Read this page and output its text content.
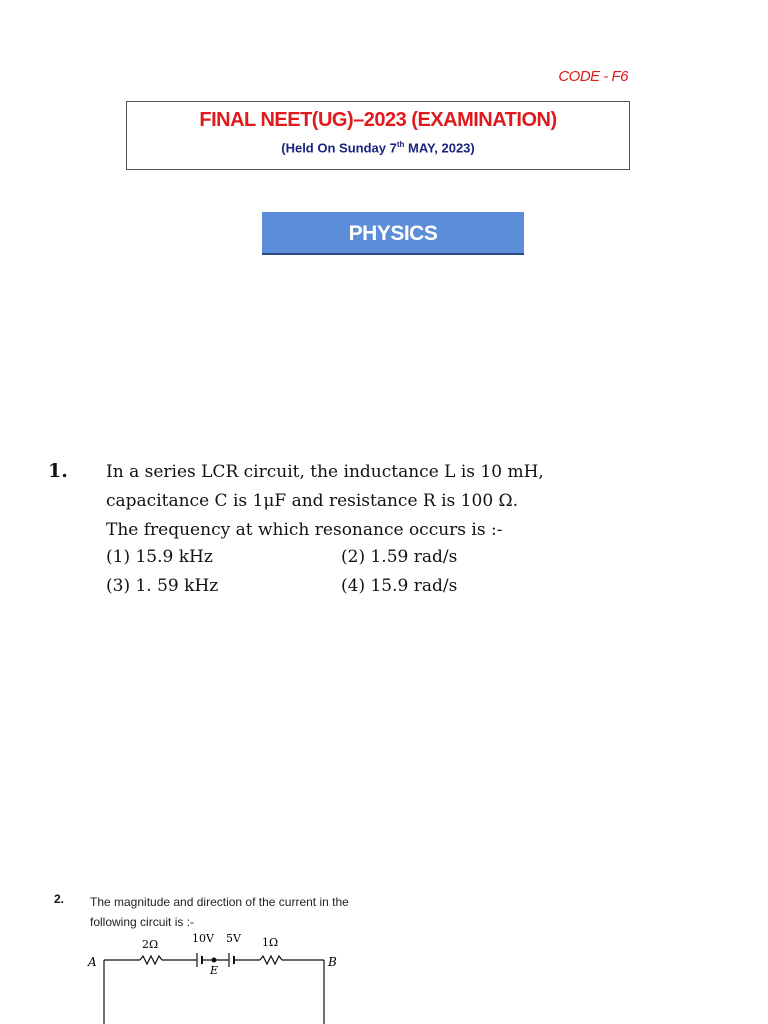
CODE - F6
FINAL NEET(UG)–2023 (EXAMINATION)
(Held On Sunday 7th MAY, 2023)
PHYSICS
1. In a series LCR circuit, the inductance L is 10 mH,
capacitance C is 1μF and resistance R is 100 Ω.
The frequency at which resonance occurs is :-
(1) 15.9 kHz	(2) 1.59 rad/s
(3) 1. 59 kHz	(4) 15.9 rad/s
2. The magnitude and direction of the current in the
following circuit is :-
A	B
E
2Ω	10V 5V 1Ω
